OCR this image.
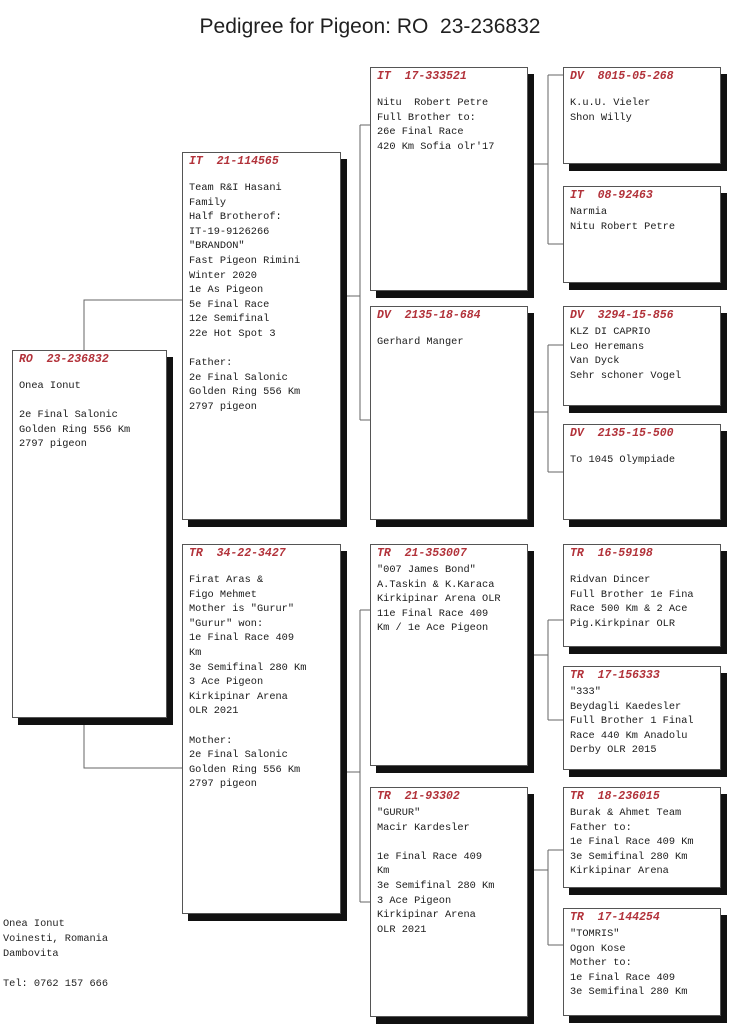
Pedigree for Pigeon: RO  23-236832
RO  23-236832
Onea Ionut

2e Final Salonic
Golden Ring 556 Km
2797 pigeon
IT  21-114565
Team R&I Hasani
Family
Half Brotherof:
IT-19-9126266
"BRANDON"
Fast Pigeon Rimini
Winter 2020
1e As Pigeon
5e Final Race
12e Semifinal
22e Hot Spot 3

Father:
2e Final Salonic
Golden Ring 556 Km
2797 pigeon
TR  34-22-3427
Firat Aras &
Figo Mehmet
Mother is "Gurur"
"Gurur" won:
1e Final Race 409
Km
3e Semifinal 280 Km
3 Ace Pigeon
Kirkipinar Arena
OLR 2021

Mother:
2e Final Salonic
Golden Ring 556 Km
2797 pigeon
IT  17-333521
Nitu  Robert Petre
Full Brother to:
26e Final Race
420 Km Sofia olr'17
DV  2135-18-684
Gerhard Manger
TR  21-353007
"007 James Bond"
A.Taskin & K.Karaca
Kirkipinar Arena OLR
11e Final Race 409
Km / 1e Ace Pigeon
TR  21-93302
"GURUR"
Macir Kardesler

1e Final Race 409
Km
3e Semifinal 280 Km
3 Ace Pigeon
Kirkipinar Arena
OLR 2021
DV  8015-05-268
K.u.U. Vieler
Shon Willy
IT  08-92463
Narmia
Nitu Robert Petre
DV  3294-15-856
KLZ DI CAPRIO
Leo Heremans
Van Dyck
Sehr schoner Vogel
DV  2135-15-500
To 1045 Olympiade
TR  16-59198
Ridvan Dincer
Full Brother 1e Fina
Race 500 Km & 2 Ace
Pig.Kirkpinar OLR
TR  17-156333
"333"
Beydagli Kaedesler
Full Brother 1 Final
Race 440 Km Anadolu
Derby OLR 2015
TR  18-236015
Burak & Ahmet Team
Father to:
1e Final Race 409 Km
3e Semifinal 280 Km
Kirkipinar Arena
TR  17-144254
"TOMRIS"
Ogon Kose
Mother to:
1e Final Race 409
3e Semifinal 280 Km
Onea Ionut
Voinesti, Romania
Dambovita
Tel: 0762 157 666
